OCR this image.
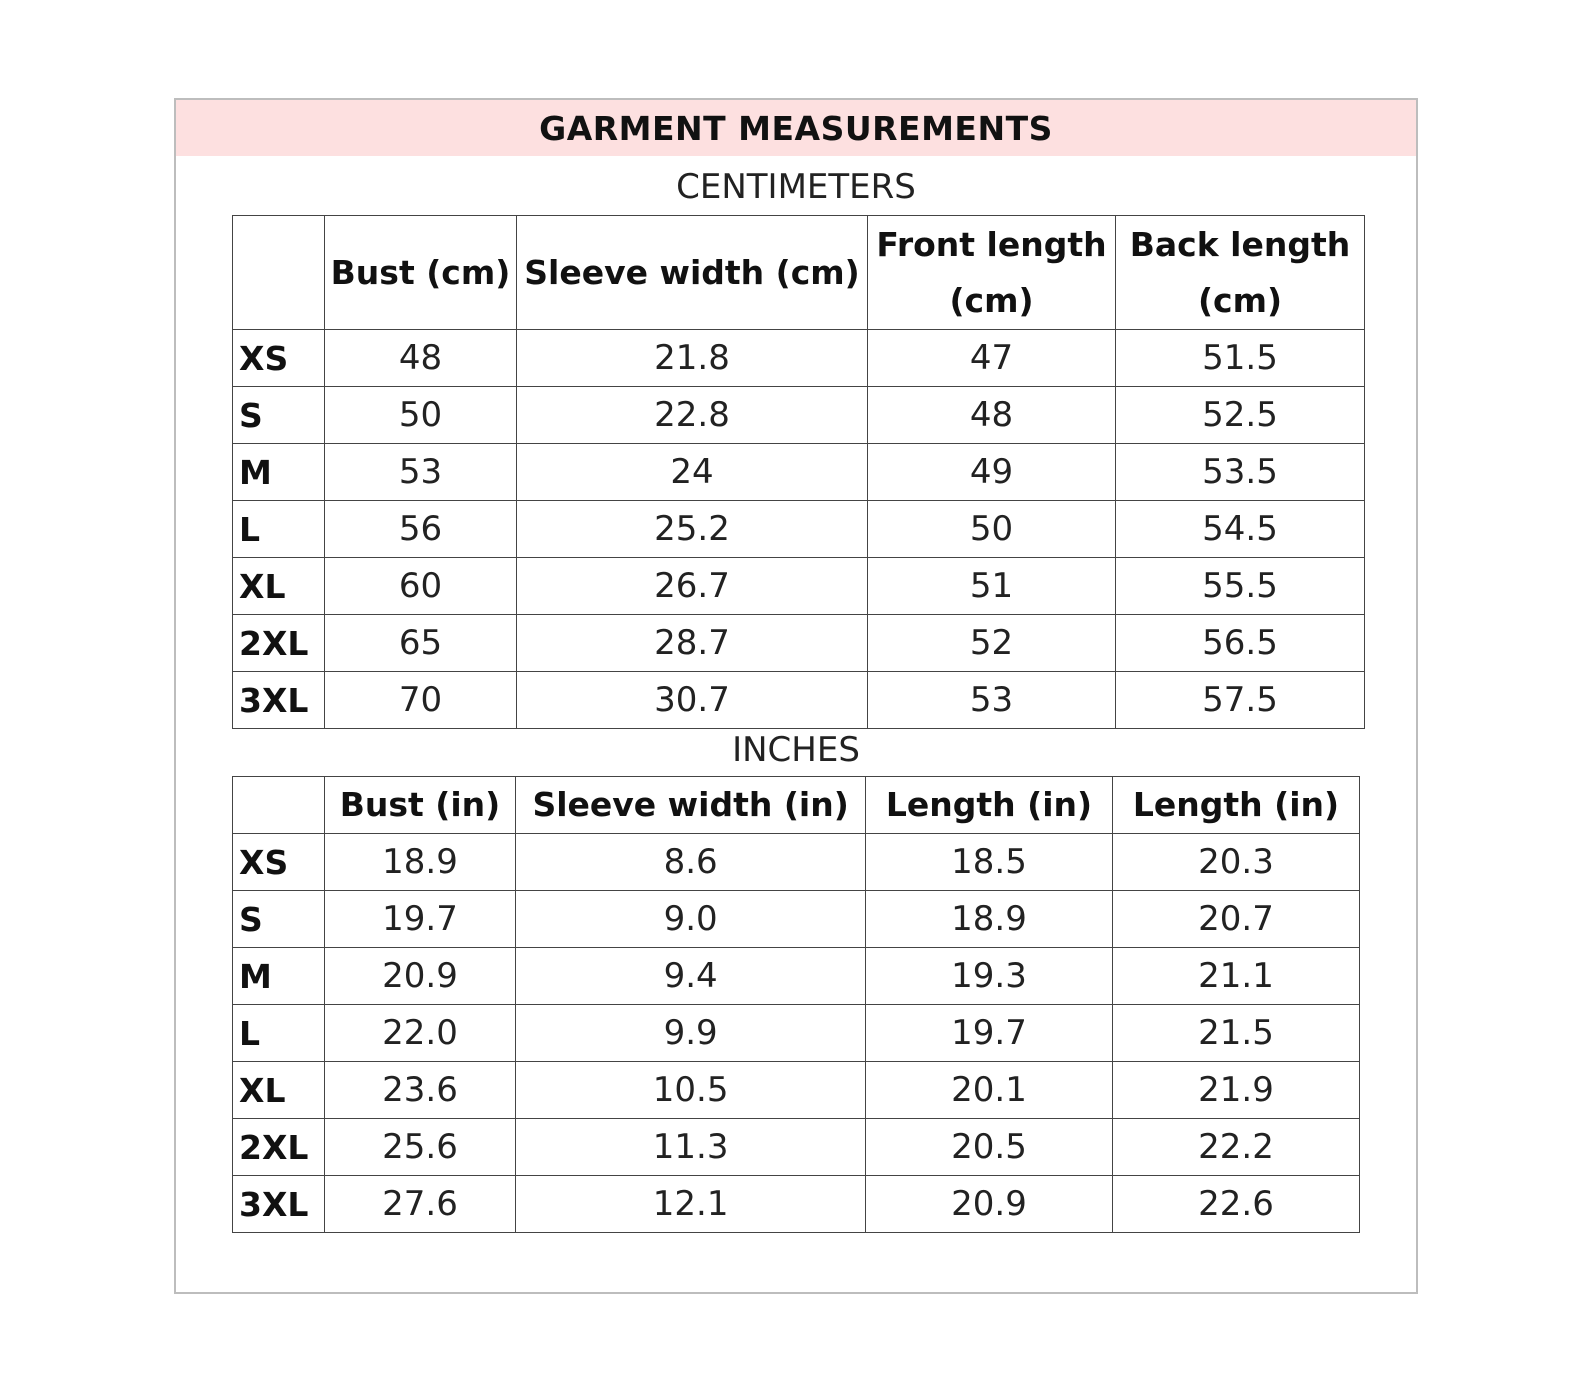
GARMENT MEASUREMENTS
CENTIMETERS
	Bust (cm)	Sleeve width (cm)	Front length (cm)	Back length (cm)
XS	48	21.8	47	51.5
S	50	22.8	48	52.5
M	53	24	49	53.5
L	56	25.2	50	54.5
XL	60	26.7	51	55.5
2XL	65	28.7	52	56.5
3XL	70	30.7	53	57.5
INCHES
	Bust (in)	Sleeve width (in)	Length (in)	Length (in)
XS	18.9	8.6	18.5	20.3
S	19.7	9.0	18.9	20.7
M	20.9	9.4	19.3	21.1
L	22.0	9.9	19.7	21.5
XL	23.6	10.5	20.1	21.9
2XL	25.6	11.3	20.5	22.2
3XL	27.6	12.1	20.9	22.6
